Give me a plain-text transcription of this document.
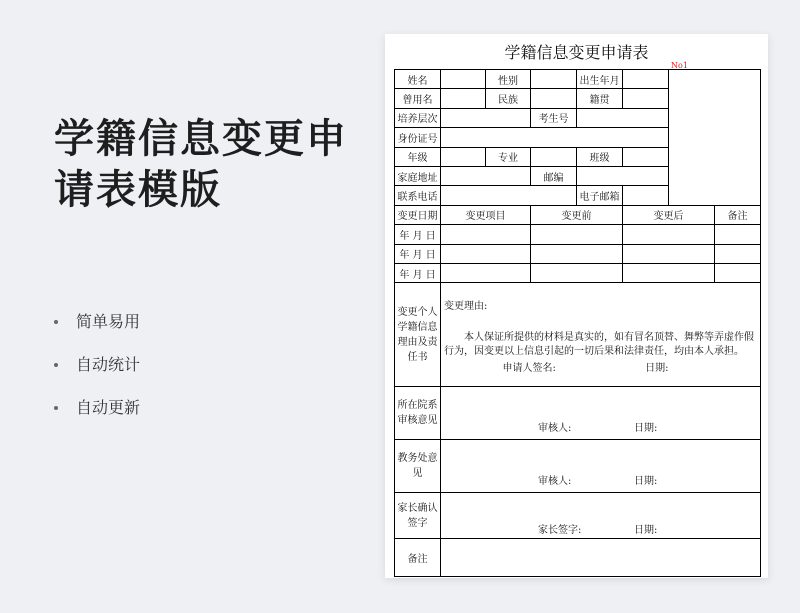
学籍信息变更申请表模版
简单易用
自动统计
自动更新
学籍信息变更申请表
No1
姓名		性别		出生年月			
曾用名		民族		籍贯			
培养层次			考生号				
身份证号							
年级		专业		班级			
家庭地址			邮编				
联系电话				电子邮箱			
变更日期	变更项目		变更前		变更后		备注
年 月 日							
年 月 日							
年 月 日							
变更个人学籍信息理由及责任书	变更理由:
本人保证所提供的材料是真实的，如有冒名顶替、舞弊等弄虚作假行为，因变更以上信息引起的一切后果和法律责任，均由本人承担。
申请人签名: 日期:						

所在院系审核意见	审核人: 日期:						

教务处意见	审核人: 日期:						

家长确认签字	家长签字: 日期:						

备注							
